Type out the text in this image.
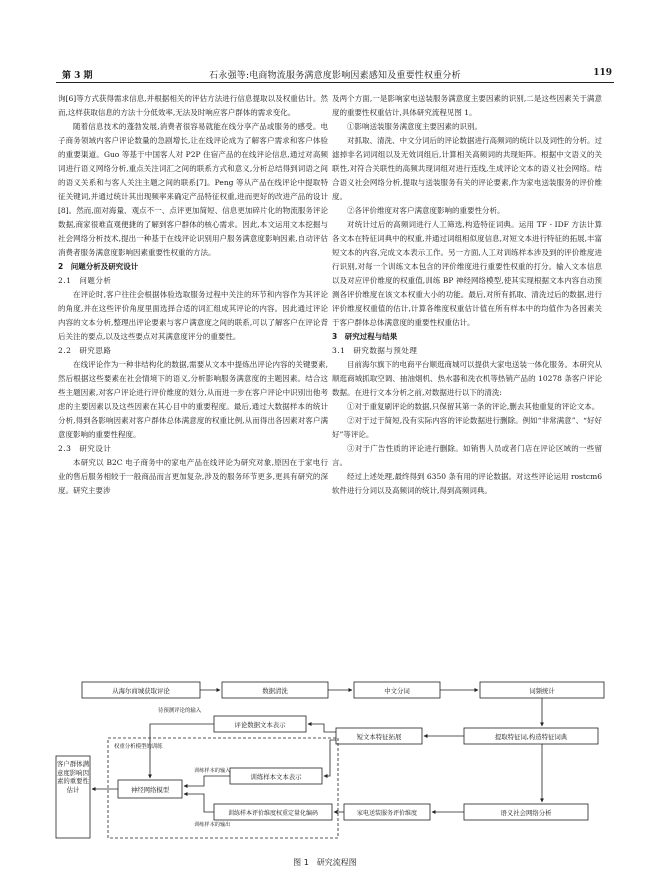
第 3 期	石永强等:电商物流服务满意度影响因素感知及重要性权重分析	119

询[6]等方式获得需求信息,并根据相关的评估方法进行信息提取以及权重估计。然而,这样获取信息的方法十分低效率,无法及时响应客户群体的需求变化。

随着信息技术的蓬勃发展,消费者很容易就能在线分享产品或服务的感受。电子商务领域内客户评论数量的急剧增长,让在线评论成为了解客户需求和客户体验的重要渠道。Guo 等基于中国客人对 P2P 住宿产品的在线评论信息,通过对高频词进行语义网络分析,重点关注词汇之间的联系方式和意义,分析总结得到词语之间的语义关系和与客人关注主题之间的联系[7]。Peng 等从产品在线评论中提取特征关键词,并通过统计其出现频率来确定产品特征权重,进而更好的改进产品的设计[8]。然而,面对海量、观点不一、点评更加简短、信息更加碎片化的物流服务评论数据,商家很难直观便捷的了解到客户群体的核心需求。因此,本文运用文本挖掘与社会网络分析技术,提出一种基于在线评论识别用户服务满意度影响因素,自动评估消费者服务满意度影响因素重要性权重的方法。

2　问题分析及研究设计

2.1　问题分析

在评论时,客户往往会根据体验选取服务过程中关注的环节和内容作为其评论的角度,并在这些评价角度里面选择合适的词汇组成其评论的内容。因此通过评论内容的文本分析,整理出评论要素与客户满意度之间的联系,可以了解客户在评论背后关注的要点,以及这些要点对其满意度评分的重要性。

2.2　研究思路

在线评论作为一种非结构化的数据,需要从文本中提炼出评论内容的关键要素,然后根据这些要素在社会情境下的语义,分析影响服务满意度的主题因素。结合这些主题因素,对客户评论进行评价维度的划分,从而进一步在客户评论中识别出他考虑的主要因素以及这些因素在其心目中的重要程度。最后,通过大数据样本的统计分析,得到各影响因素对客户群体总体满意度的权重比例,从而得出各因素对客户满意度影响的重要性程度。

2.3　研究设计

本研究以 B2C 电子商务中的家电产品在线评论为研究对象,原因在于家电行业的售后服务相较于一般商品而言更加复杂,涉及的服务环节更多,更具有研究的深度。研究主要涉

及两个方面,一是影响家电送装服务满意度主要因素的识别,二是这些因素关于满意度的重要性权重估计,具体研究流程见图 1。

①影响送装服务满意度主要因素的识别。

对抓取、清洗、中文分词后的评论数据进行高频词的统计以及词性的分析。过滤掉非名词词组以及无效词组后,计算相关高频词的共现矩阵。根据中文语义的关联性,对符合关联性的高频共现词组对进行连线,生成评论文本的语义社会网络。结合语义社会网络分析,提取与送装服务有关的评论要素,作为家电送装服务的评价维度。

②各评价维度对客户满意度影响的重要性分析。

对统计过后的高频词进行人工筛选,构造特征词典。运用 TF - IDF 方法计算各文本在特征词典中的权重,并通过词组相似度信息,对短文本进行特征的拓展,丰富短文本的内容,完成文本表示工作。另一方面,人工对训练样本涉及到的评价维度进行识别,对每一个训练文本包含的评价维度进行重要性权重的打分。输入文本信息以及对应评价维度的权重值,训练 BP 神经网络模型,使其实现根据文本内容自动预测各评价维度在该文本权重大小的功能。最后,对所有抓取、清洗过后的数据,进行评价维度权重值的估计,计算各维度权重估计值在所有样本中的均值作为各因素关于客户群体总体满意度的重要性权重估计。

3　研究过程与结果

3.1　研究数据与预处理

目前海尔旗下的电商平台顺逛商城可以提供大家电送装一体化服务。本研究从顺逛商城抓取空调、抽油烟机、热水器和洗衣机等热销产品的 10278 条客户评论数据。在进行文本分析之前,对数据进行以下的清洗:

①对于重复刷评论的数据,只保留其第一条的评论,删去其他重复的评论文本。

②对于过于简短,没有实际内容的评论数据进行删除。例如“非常满意”、“好好好”等评论。

③对于广告性质的评论进行删除。如销售人员或者门店在评论区域的一些留言。

经过上述处理,最终得到 6350 条有用的评论数据。对这些评论运用 rostcm6 软件进行分词以及高频词的统计,得到高频词典。

从海尔商城获取评论	数据清洗	中文分词	词频统计
评论数据文本表示
短文本特征拓展	提取特征词,构造特征词典
训练样本文本表示
神经网络模型
训练样本评价维度权重定量化编码	家电送装服务评价维度	语义社会网络分析
待预测评论的输入
权重分析模型的训练
训练样本的输入
训练样本的输出
客户群体满意度影响因素的重要性估计
图 1　研究流程图
